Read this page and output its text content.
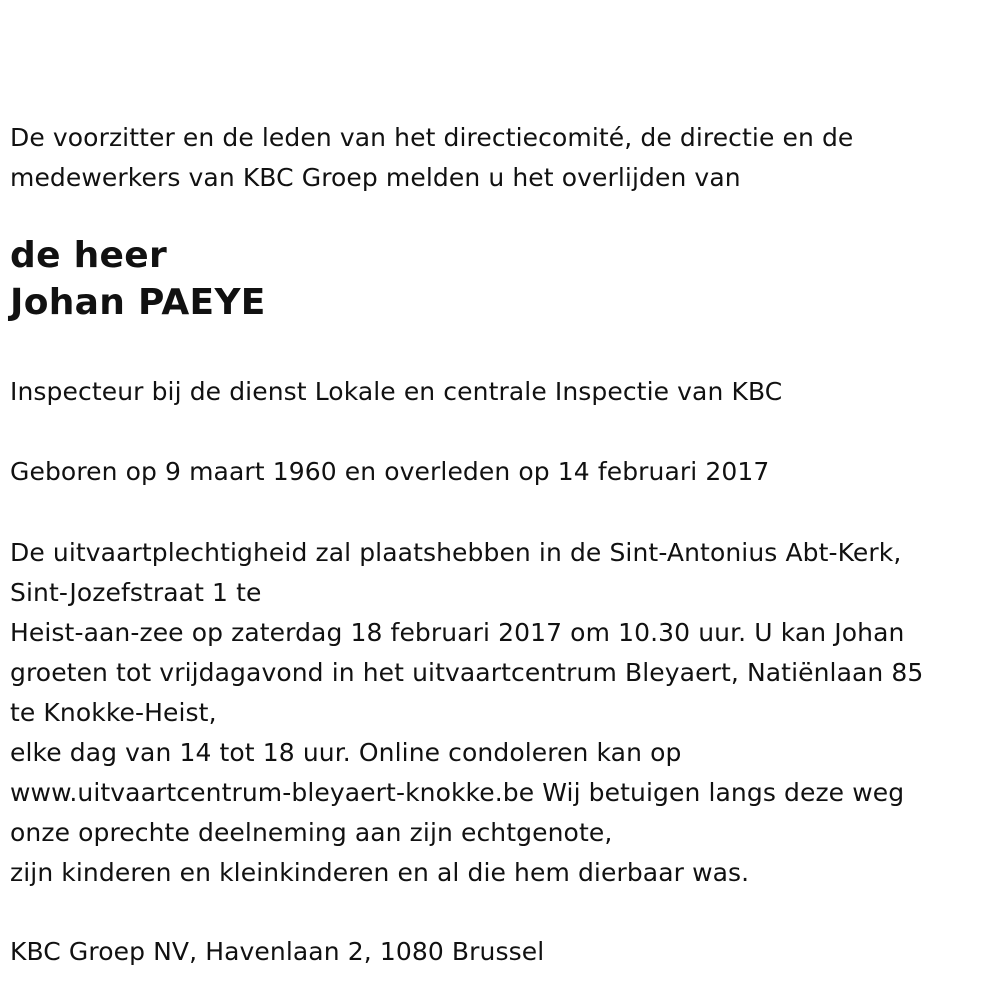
De voorzitter en de leden van het directiecomité, de directie en de
medewerkers van KBC Groep melden u het overlijden van
de heer
Johan PAEYE
Inspecteur bij de dienst Lokale en centrale Inspectie van KBC
Geboren op 9 maart 1960 en overleden op 14 februari 2017
De uitvaartplechtigheid zal plaatshebben in de Sint-Antonius Abt-Kerk,
Sint-Jozefstraat 1 te
Heist-aan-zee op zaterdag 18 februari 2017 om 10.30 uur. U kan Johan
groeten tot vrijdagavond in het uitvaartcentrum Bleyaert, Natiënlaan 85
te Knokke-Heist,
elke dag van 14 tot 18 uur. Online condoleren kan op
www.uitvaartcentrum-bleyaert-knokke.be Wij betuigen langs deze weg
onze oprechte deelneming aan zijn echtgenote,
zijn kinderen en kleinkinderen en al die hem dierbaar was.
KBC Groep NV, Havenlaan 2, 1080 Brussel
